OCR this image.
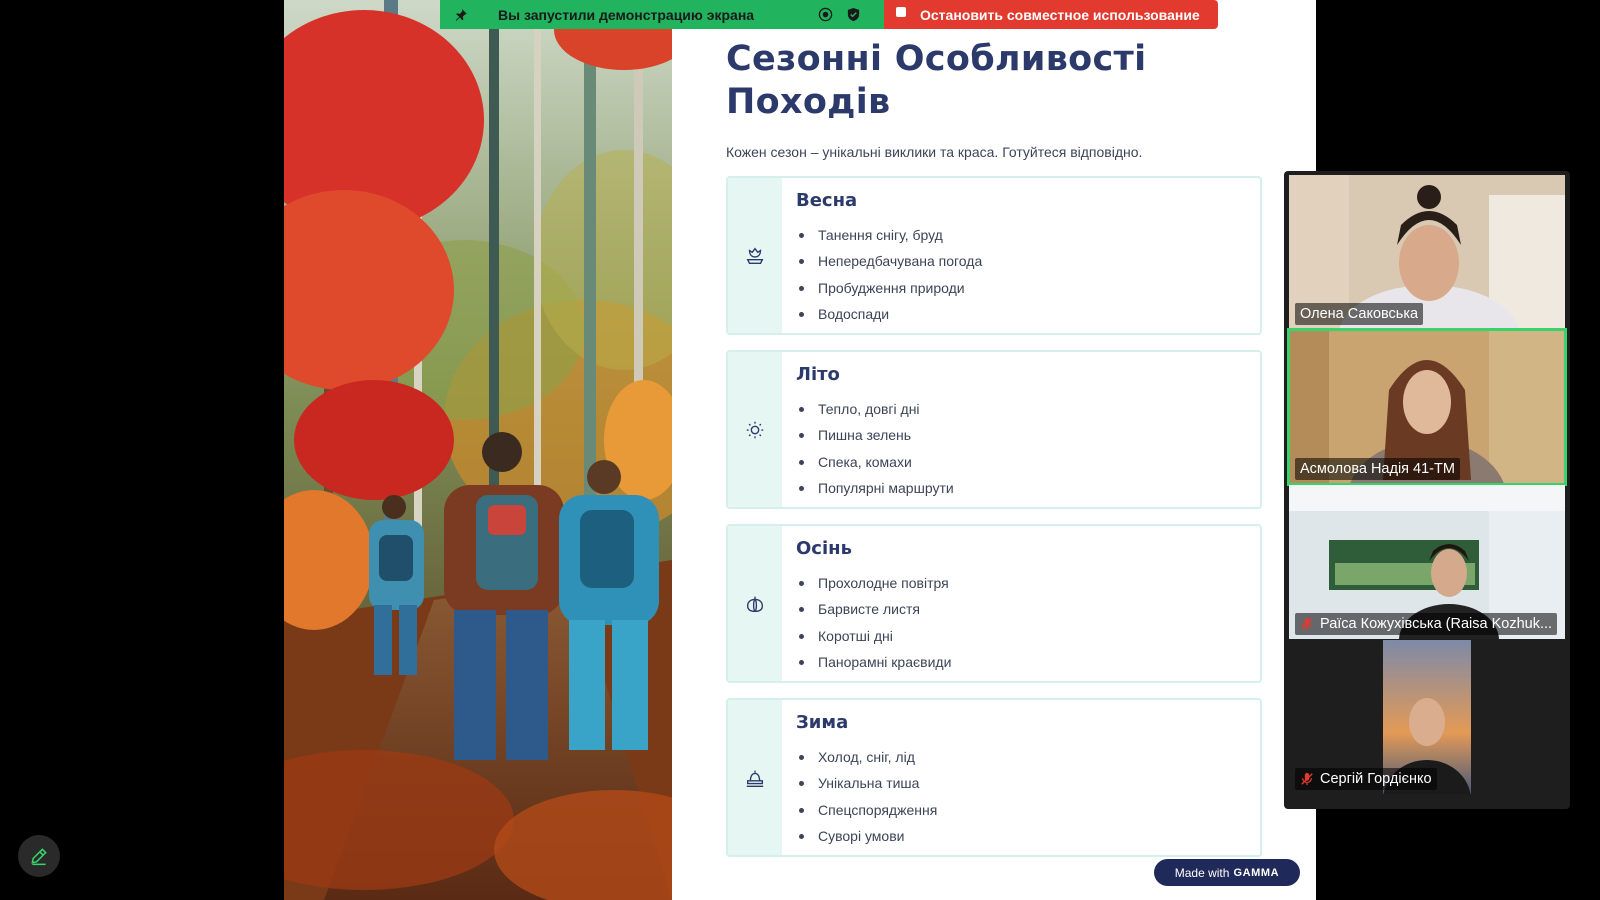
Сезонні Особливості Походів
Кожен сезон – унікальні виклики та краса. Готуйтеся відповідно.
Весна
Танення снігу, бруд
Непередбачувана погода
Пробудження природи
Водоспади
Літо
Тепло, довгі дні
Пишна зелень
Спека, комахи
Популярні маршрути
Осінь
Прохолодне повітря
Барвисте листя
Коротші дні
Панорамні краєвиди
Зима
Холод, сніг, лід
Унікальна тиша
Спецспорядження
Суворі умови
Made with GAMMA
Вы запустили демонстрацию экрана	Остановить совместное использование
Олена Саковська
Асмолова Надія 41-ТМ
Раїса Кожухівська (Raisa Kozhuk...
Сергій Гордієнко
